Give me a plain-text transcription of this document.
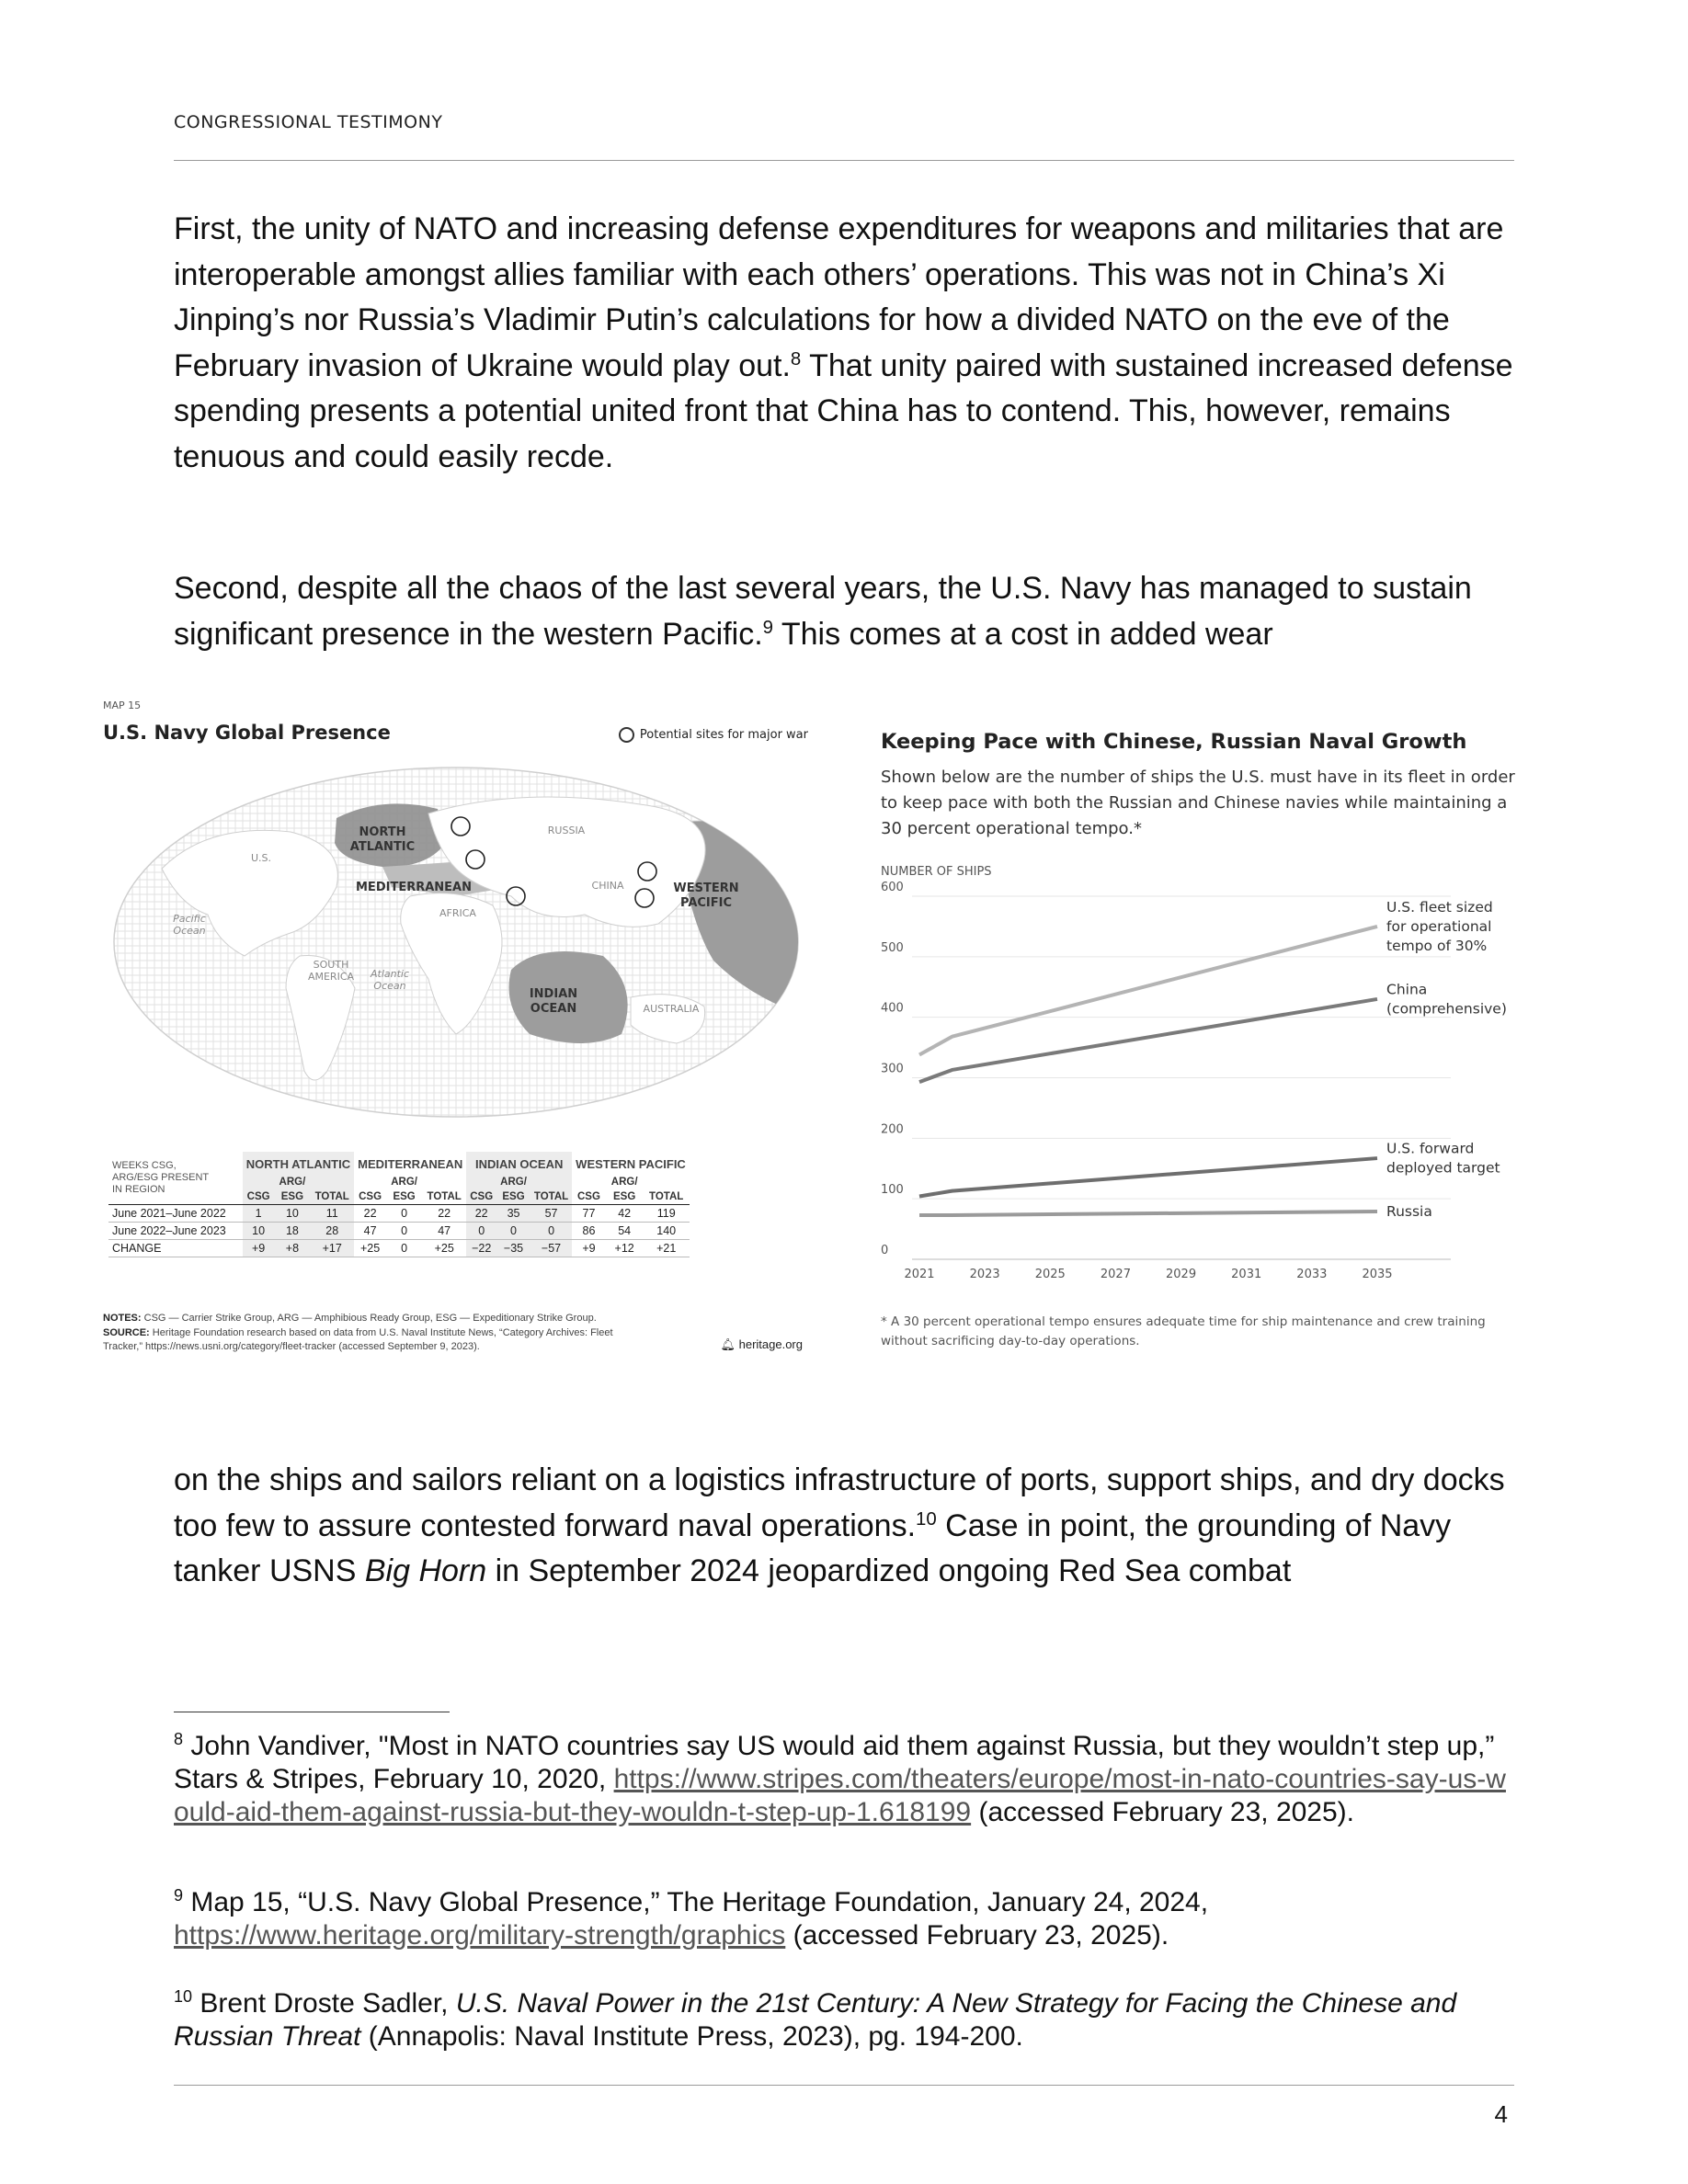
CONGRESSIONAL TESTIMONY

First, the unity of NATO and increasing defense expenditures for weapons and militaries that are interoperable amongst allies familiar with each others’ operations. This was not in China’s Xi Jinping’s nor Russia’s Vladimir Putin’s calculations for how a divided NATO on the eve of the February invasion of Ukraine would play out.$^8$ That unity paired with sustained increased defense spending presents a potential united front that China has to contend. This, however, remains tenuous and could easily recde.

Second, despite all the chaos of the last several years, the U.S. Navy has managed to sustain significant presence in the western Pacific.$^9$ This comes at a cost in added wear

MAP 15
U.S. Navy Global Presence	Potential sites for major war
NORTH ATLANTIC
MEDITERRANEAN
INDIAN OCEAN
WESTERN PACIFIC
RUSSIA
U.S.
CHINA
AFRICA
SOUTH AMERICA
AUSTRALIA
Pacific Ocean
Atlantic Ocean
WEEKS CSG,
ARG/ESG PRESENT
IN REGION	NORTH ATLANTIC			MEDITERRANEAN			INDIAN OCEAN			WESTERN PACIFIC		
		ARG/			ARG/			ARG/			ARG/	
	CSG	ESG	TOTAL	CSG	ESG	TOTAL	CSG	ESG	TOTAL	CSG	ESG	TOTAL
June 2021–June 2022	1	10	11	22	0	22	22	35	57	77	42	119
June 2022–June 2023	10	18	28	47	0	47	0	0	0	86	54	140
CHANGE	+9	+8	+17	+25	0	+25	−22	−35	−57	+9	+12	+21
NOTES: CSG — Carrier Strike Group, ARG — Amphibious Ready Group, ESG — Expeditionary Strike Group.
SOURCE: Heritage Foundation research based on data from U.S. Naval Institute News, “Category Archives: Fleet Tracker,” https://news.usni.org/category/fleet-tracker (accessed September 9, 2023).	🔔︎ heritage.org
NUMBER OF SHIPS
0
100
200
300
400
500
600
2021	2023	2025	2027	2029	2031	2033	2035
U.S. fleet sized for operational tempo of 30%
China (comprehensive)
U.S. forward deployed target
Russia
Keeping Pace with Chinese, Russian Naval Growth
Shown below are the number of ships the U.S. must have in its fleet in order to keep pace with both the Russian and Chinese navies while maintaining a 30 percent operational tempo.*
* A 30 percent operational tempo ensures adequate time for ship maintenance and crew training without sacrificing day-to-day operations.

on the ships and sailors reliant on a logistics infrastructure of ports, support ships, and dry docks too few to assure contested forward naval operations.$^{10}$ Case in point, the grounding of Navy tanker USNS Big Horn in September 2024 jeopardized ongoing Red Sea combat

$^8$ John Vandiver, "Most in NATO countries say US would aid them against Russia, but they wouldn’t step up,” Stars & Stripes, February 10, 2020, https://www.stripes.com/theaters/europe/most-in-nato-countries-say-us-would-aid-them-against-russia-but-they-wouldn-t-step-up-1.618199 (accessed February 23, 2025).
$^9$ Map 15, “U.S. Navy Global Presence,” The Heritage Foundation, January 24, 2024, https://www.heritage.org/military-strength/graphics (accessed February 23, 2025).
$^{10}$ Brent Droste Sadler, U.S. Naval Power in the 21st Century: A New Strategy for Facing the Chinese and Russian Threat (Annapolis: Naval Institute Press, 2023), pg. 194-200.
4
